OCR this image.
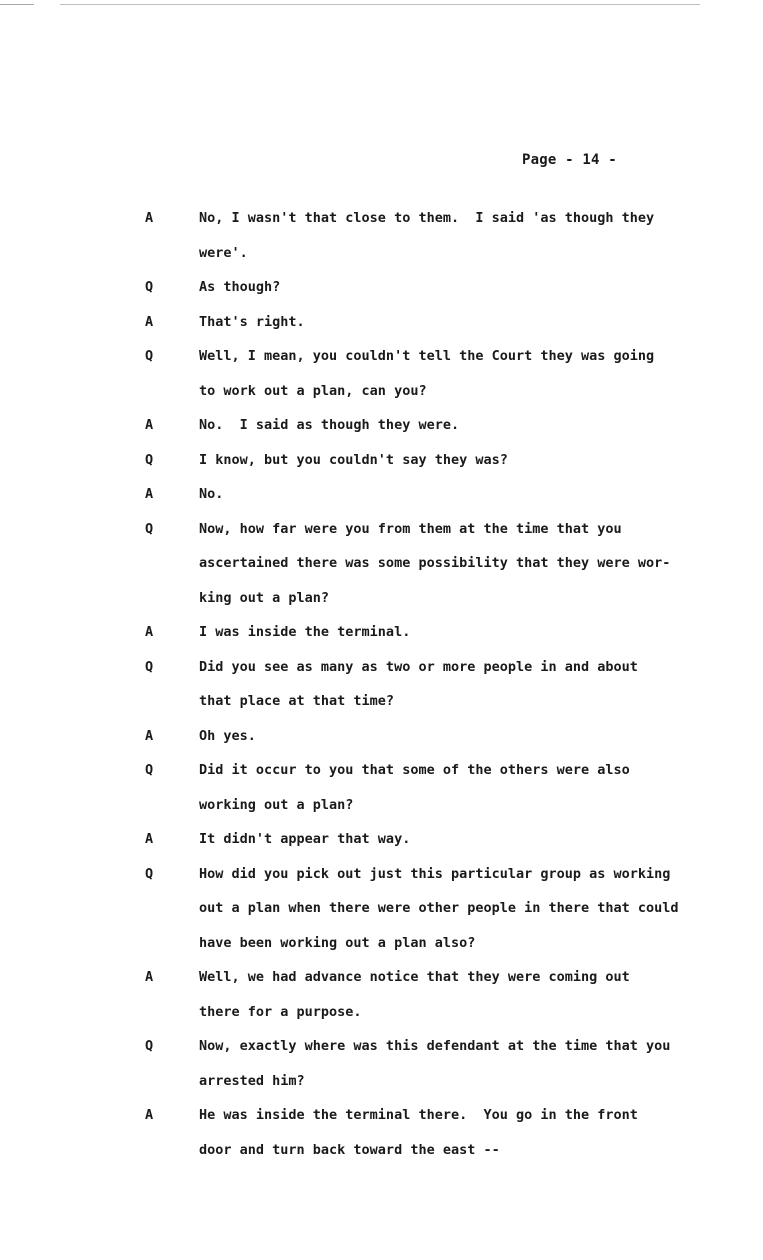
Page - 14 -
A	No, I wasn't that close to them.  I said 'as though they
were'.
Q	As though?
A	That's right.
Q	Well, I mean, you couldn't tell the Court they was going
to work out a plan, can you?
A	No.  I said as though they were.
Q	I know, but you couldn't say they was?
A	No.
Q	Now, how far were you from them at the time that you
ascertained there was some possibility that they were wor-
king out a plan?
A	I was inside the terminal.
Q	Did you see as many as two or more people in and about
that place at that time?
A	Oh yes.
Q	Did it occur to you that some of the others were also
working out a plan?
A	It didn't appear that way.
Q	How did you pick out just this particular group as working
out a plan when there were other people in there that could
have been working out a plan also?
A	Well, we had advance notice that they were coming out
there for a purpose.
Q	Now, exactly where was this defendant at the time that you
arrested him?
A	He was inside the terminal there.  You go in the front
door and turn back toward the east --
